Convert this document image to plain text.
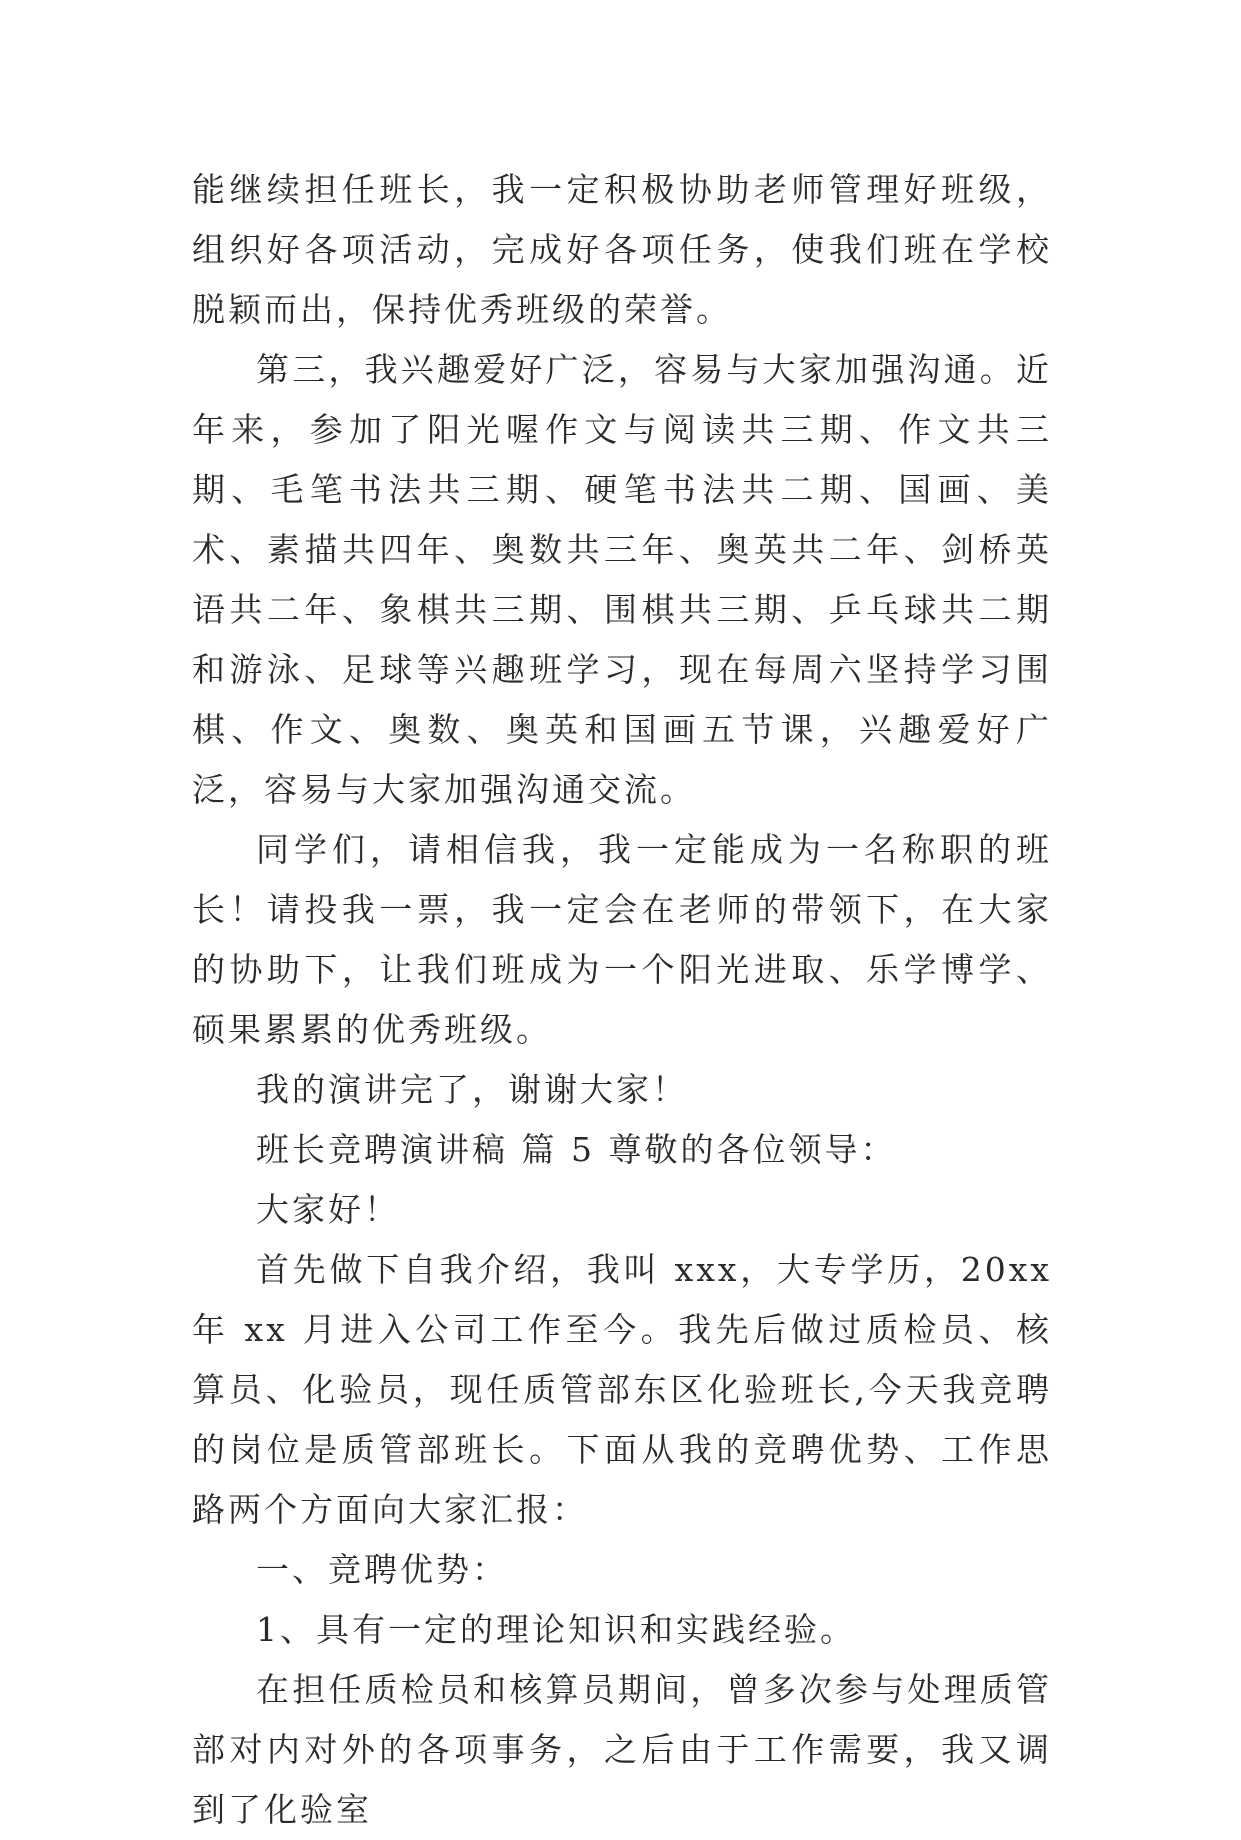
能继续担任班长，我一定积极协助老师管理好班级，组织好各项活动，完成好各项任务，使我们班在学校脱颖而出，保持优秀班级的荣誉。

第三，我兴趣爱好广泛，容易与大家加强沟通。近年来，参加了阳光喔作文与阅读共三期、作文共三期、毛笔书法共三期、硬笔书法共二期、国画、美术、素描共四年、奥数共三年、奥英共二年、剑桥英语共二年、象棋共三期、围棋共三期、乒乓球共二期和游泳、足球等兴趣班学习，现在每周六坚持学习围棋、作文、奥数、奥英和国画五节课，兴趣爱好广泛，容易与大家加强沟通交流。

同学们，请相信我，我一定能成为一名称职的班长！请投我一票，我一定会在老师的带领下，在大家的协助下，让我们班成为一个阳光进取、乐学博学、硕果累累的优秀班级。

我的演讲完了，谢谢大家！

班长竞聘演讲稿 篇 5 尊敬的各位领导：

大家好！

首先做下自我介绍，我叫 xxx，大专学历，20xx 年 xx 月进入公司工作至今。我先后做过质检员、核算员、化验员，现任质管部东区化验班长,今天我竞聘的岗位是质管部班长。下面从我的竞聘优势、工作思路两个方面向大家汇报：

一、竞聘优势：

1、具有一定的理论知识和实践经验。

在担任质检员和核算员期间，曾多次参与处理质管部对内对外的各项事务，之后由于工作需要，我又调到了化验室
